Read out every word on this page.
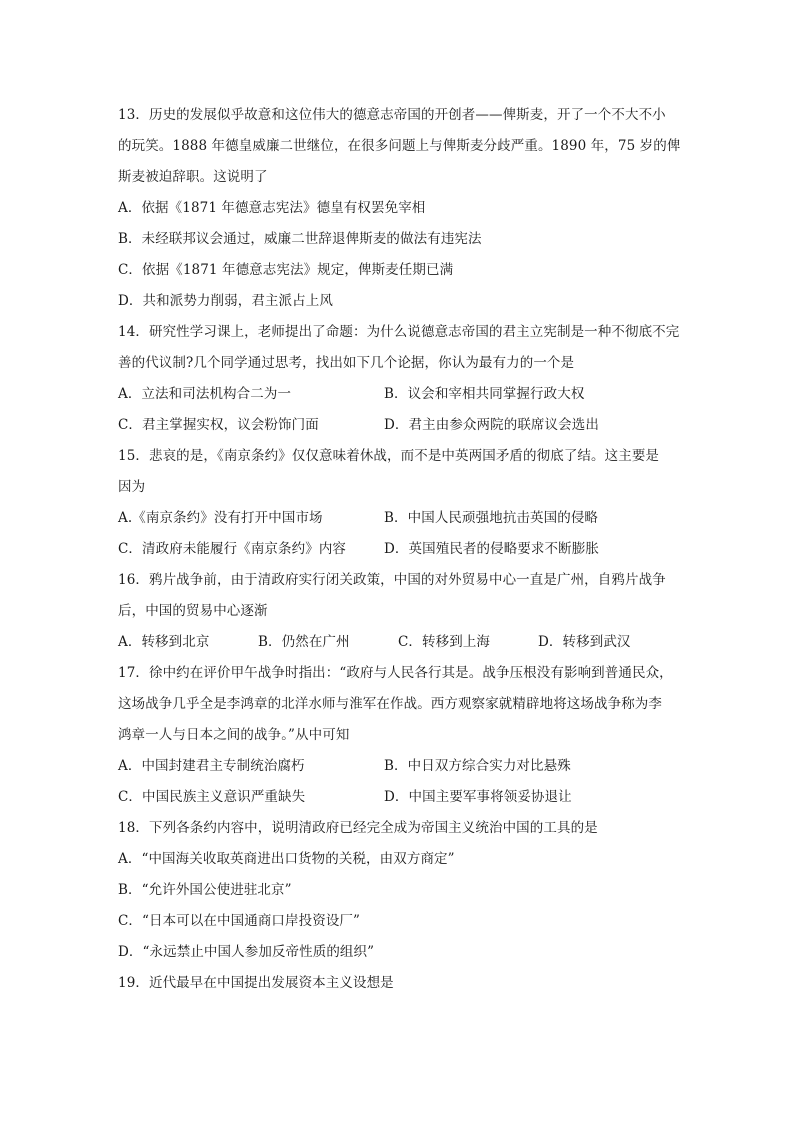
13．历史的发展似乎故意和这位伟大的德意志帝国的开创者——俾斯麦，开了一个不大不小
的玩笑。1888 年德皇威廉二世继位，在很多问题上与俾斯麦分歧严重。1890 年，75 岁的俾
斯麦被迫辞职。这说明了
A．依据《1871 年德意志宪法》德皇有权罢免宰相
B．未经联邦议会通过，威廉二世辞退俾斯麦的做法有违宪法
C．依据《1871 年德意志宪法》规定，俾斯麦任期已满
D．共和派势力削弱，君主派占上风
14．研究性学习课上，老师提出了命题：为什么说德意志帝国的君主立宪制是一种不彻底不完
善的代议制?几个同学通过思考，找出如下几个论据，你认为最有力的一个是
A．立法和司法机构合二为一	B．议会和宰相共同掌握行政大权
C．君主掌握实权，议会粉饰门面	D．君主由参众两院的联席议会选出
15．悲哀的是，《南京条约》仅仅意味着休战，而不是中英两国矛盾的彻底了结。这主要是
因为
A.《南京条约》没有打开中国市场	B．中国人民顽强地抗击英国的侵略
C．清政府未能履行《南京条约》内容	D．英国殖民者的侵略要求不断膨胀
16．鸦片战争前，由于清政府实行闭关政策，中国的对外贸易中心一直是广州，自鸦片战争
后，中国的贸易中心逐渐
A．转移到北京	B．仍然在广州	C．转移到上海	D．转移到武汉
17．徐中约在评价甲午战争时指出：“政府与人民各行其是。战争压根没有影响到普通民众，
这场战争几乎全是李鸿章的北洋水师与淮军在作战。西方观察家就精辟地将这场战争称为李
鸿章一人与日本之间的战争。”从中可知
A．中国封建君主专制统治腐朽	B．中日双方综合实力对比悬殊
C．中国民族主义意识严重缺失	D．中国主要军事将领妥协退让
18．下列各条约内容中，说明清政府已经完全成为帝国主义统治中国的工具的是
A．“中国海关收取英商进出口货物的关税，由双方商定”
B．“允许外国公使进驻北京”
C．“日本可以在中国通商口岸投资设厂”
D．“永远禁止中国人参加反帝性质的组织”
19．近代最早在中国提出发展资本主义设想是
